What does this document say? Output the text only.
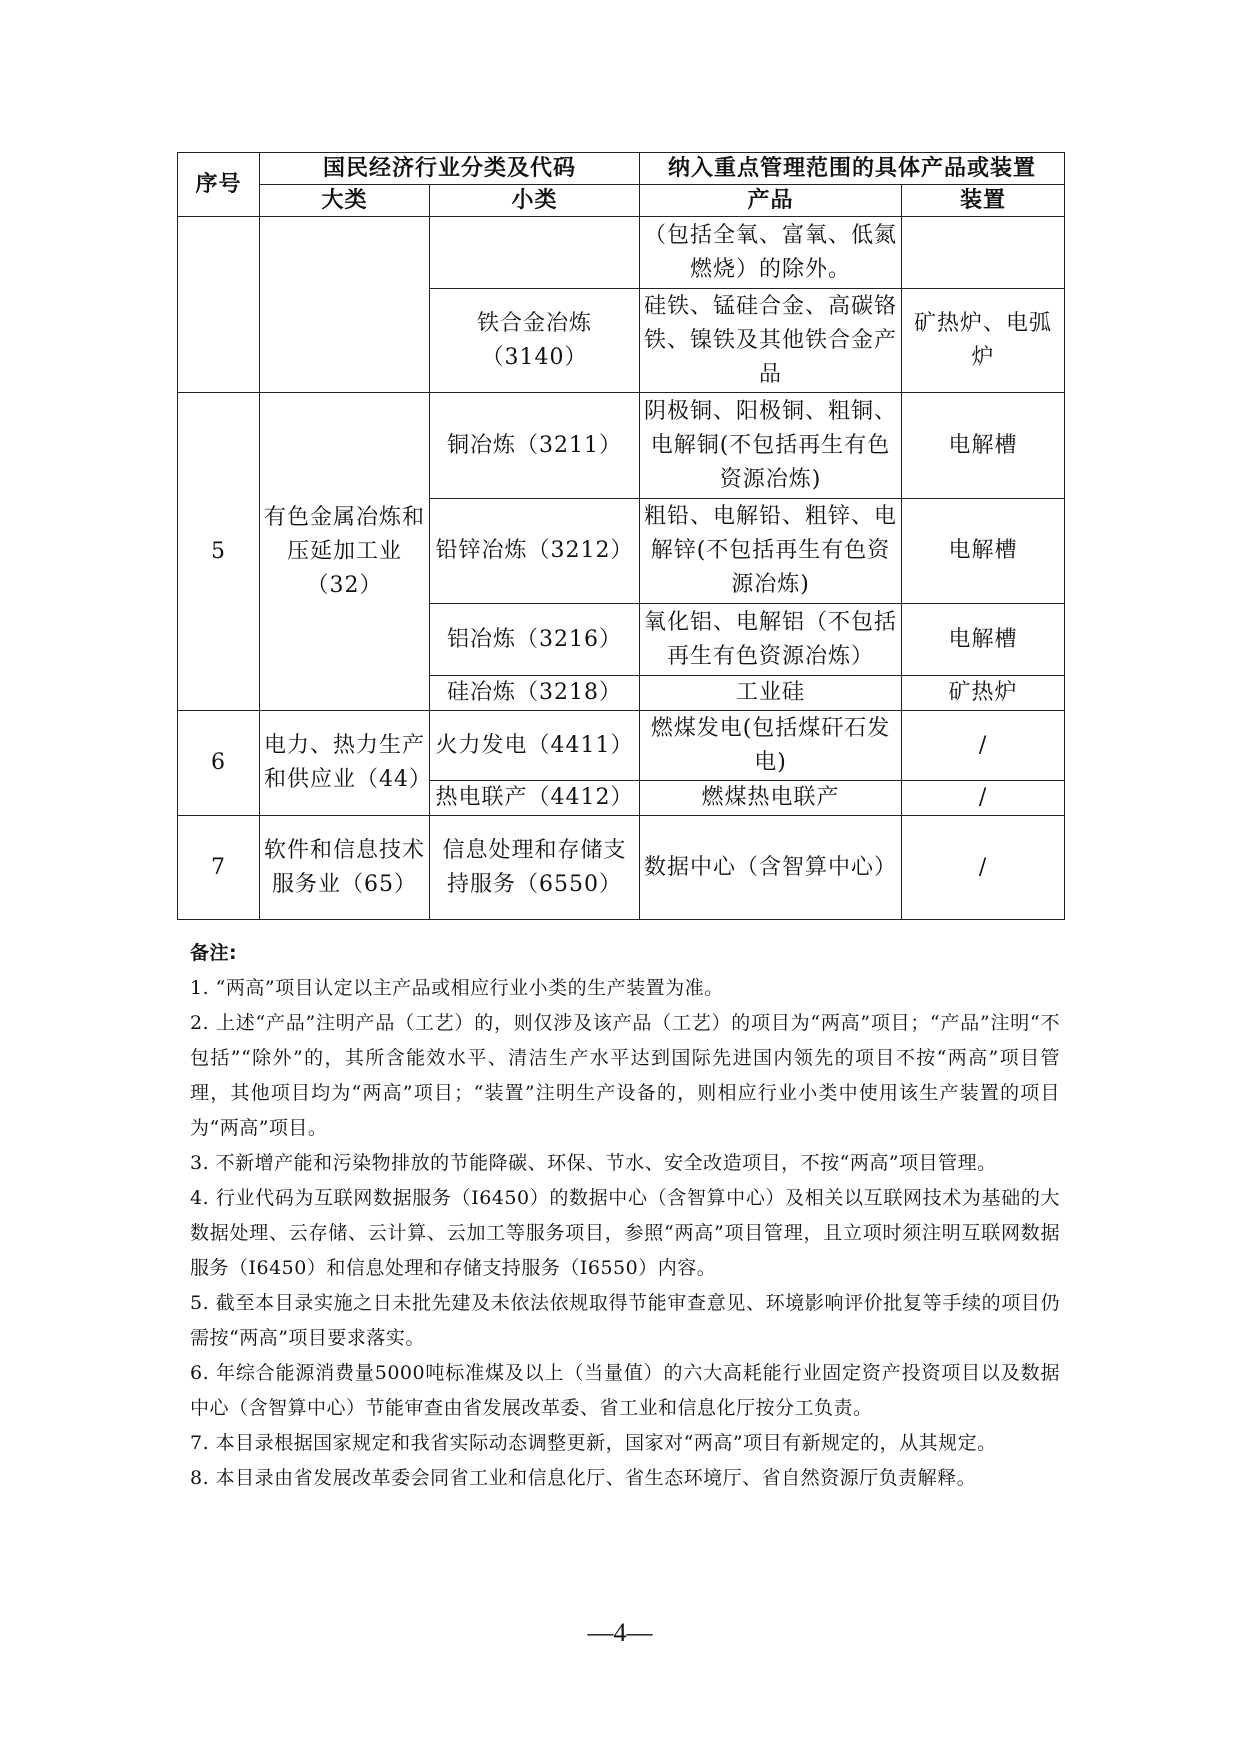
序号	国民经济行业分类及代码		纳入重点管理范围的具体产品或装置	
	大类	小类	产品	装置
			（包括全氧、富氧、低氮燃烧）的除外。	
		铁合金冶炼（3140）	硅铁、锰硅合金、高碳铬铁、镍铁及其他铁合金产品	矿热炉、电弧炉
5	有色金属冶炼和压延加工业（32）	铜冶炼（3211）	阴极铜、阳极铜、粗铜、电解铜(不包括再生有色资源冶炼)	电解槽
		铅锌冶炼（3212）	粗铅、电解铅、粗锌、电解锌(不包括再生有色资源冶炼)	电解槽
		铝冶炼（3216）	氧化铝、电解铝（不包括再生有色资源冶炼）	电解槽
		硅冶炼（3218）	工业硅	矿热炉
6	电力、热力生产和供应业（44）	火力发电（4411）	燃煤发电(包括煤矸石发电)	/
		热电联产（4412）	燃煤热电联产	/
7	软件和信息技术服务业（65）	信息处理和存储支持服务（6550）	数据中心（含智算中心）	/
备注:

1. “两高”项目认定以主产品或相应行业小类的生产装置为准。

2. 上述“产品”注明产品（工艺）的，则仅涉及该产品（工艺）的项目为“两高”项目；“产品”注明“不包括”“除外”的，其所含能效水平、清洁生产水平达到国际先进国内领先的项目不按“两高”项目管理，其他项目均为“两高”项目；“装置”注明生产设备的，则相应行业小类中使用该生产装置的项目为“两高”项目。

3. 不新增产能和污染物排放的节能降碳、环保、节水、安全改造项目，不按“两高”项目管理。

4. 行业代码为互联网数据服务（I6450）的数据中心（含智算中心）及相关以互联网技术为基础的大数据处理、云存储、云计算、云加工等服务项目，参照“两高”项目管理，且立项时须注明互联网数据服务（I6450）和信息处理和存储支持服务（I6550）内容。

5. 截至本目录实施之日未批先建及未依法依规取得节能审查意见、环境影响评价批复等手续的项目仍需按“两高”项目要求落实。

6. 年综合能源消费量5000吨标准煤及以上（当量值）的六大高耗能行业固定资产投资项目以及数据中心（含智算中心）节能审查由省发展改革委、省工业和信息化厅按分工负责。

7. 本目录根据国家规定和我省实际动态调整更新，国家对“两高”项目有新规定的，从其规定。

8. 本目录由省发展改革委会同省工业和信息化厅、省生态环境厅、省自然资源厅负责解释。

—4—
